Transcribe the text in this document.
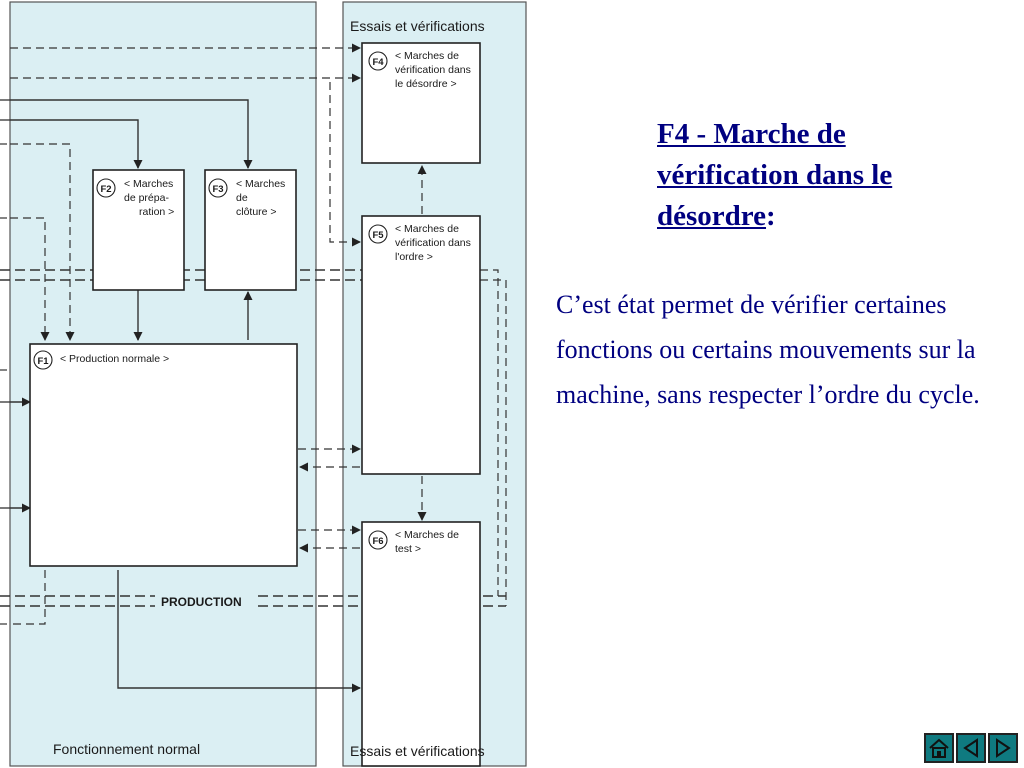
F1
F2	F3
F4
F5
F6
< Production normale >
< Marches
de prépa-
ration >
< Marches
de
clôture >
< Marches de
vérification dans
le désordre >
< Marches de
vérification dans
l'ordre >
< Marches de
test >
Essais et vérifications
Essais et vérifications
Fonctionnement normal
PRODUCTION
F4 - Marche de vérification dans le désordre:
C’est état permet de vérifier certaines fonctions ou certains mouvements sur la machine, sans respecter l’ordre du cycle.
